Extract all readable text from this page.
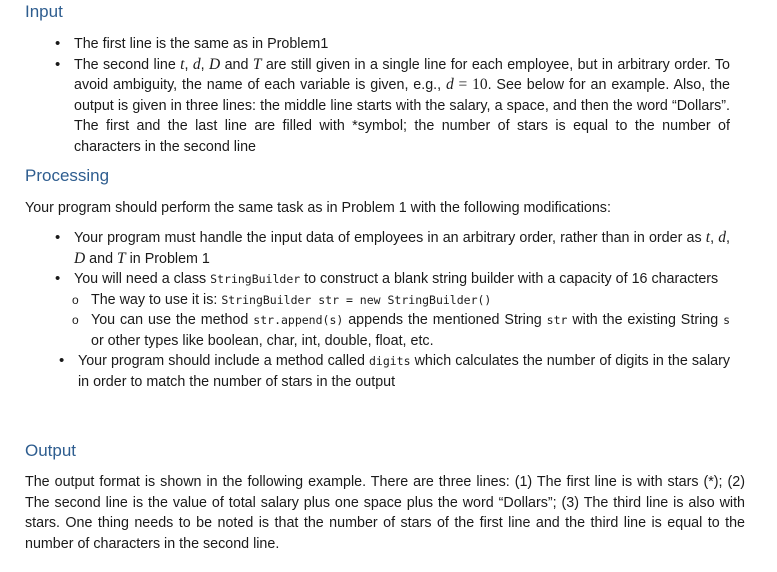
Input
• The first line is the same as in Problem1
• The second line t, d, D and T are still given in a single line for each employee, but in arbitrary order. To avoid ambiguity, the name of each variable is given, e.g., d = 10. See below for an example. Also, the output is given in three lines: the middle line starts with the salary, a space, and then the word “Dollars”. The first and the last line are filled with *symbol; the number of stars is equal to the number of characters in the second line
Processing
Your program should perform the same task as in Problem 1 with the following modifications:
• Your program must handle the input data of employees in an arbitrary order, rather than in order as t, d, D and T in Problem 1
• You will need a class StringBuilder to construct a blank string builder with a capacity of 16 characters
o The way to use it is: StringBuilder str = new StringBuilder()
o You can use the method str.append(s) appends the mentioned String str with the existing String s or other types like boolean, char, int, double, float, etc.
• Your program should include a method called digits which calculates the number of digits in the salary in order to match the number of stars in the output
Output
The output format is shown in the following example. There are three lines: (1) The first line is with stars (*); (2) The second line is the value of total salary plus one space plus the word “Dollars”; (3) The third line is also with stars. One thing needs to be noted is that the number of stars of the first line and the third line is equal to the number of characters in the second line.
